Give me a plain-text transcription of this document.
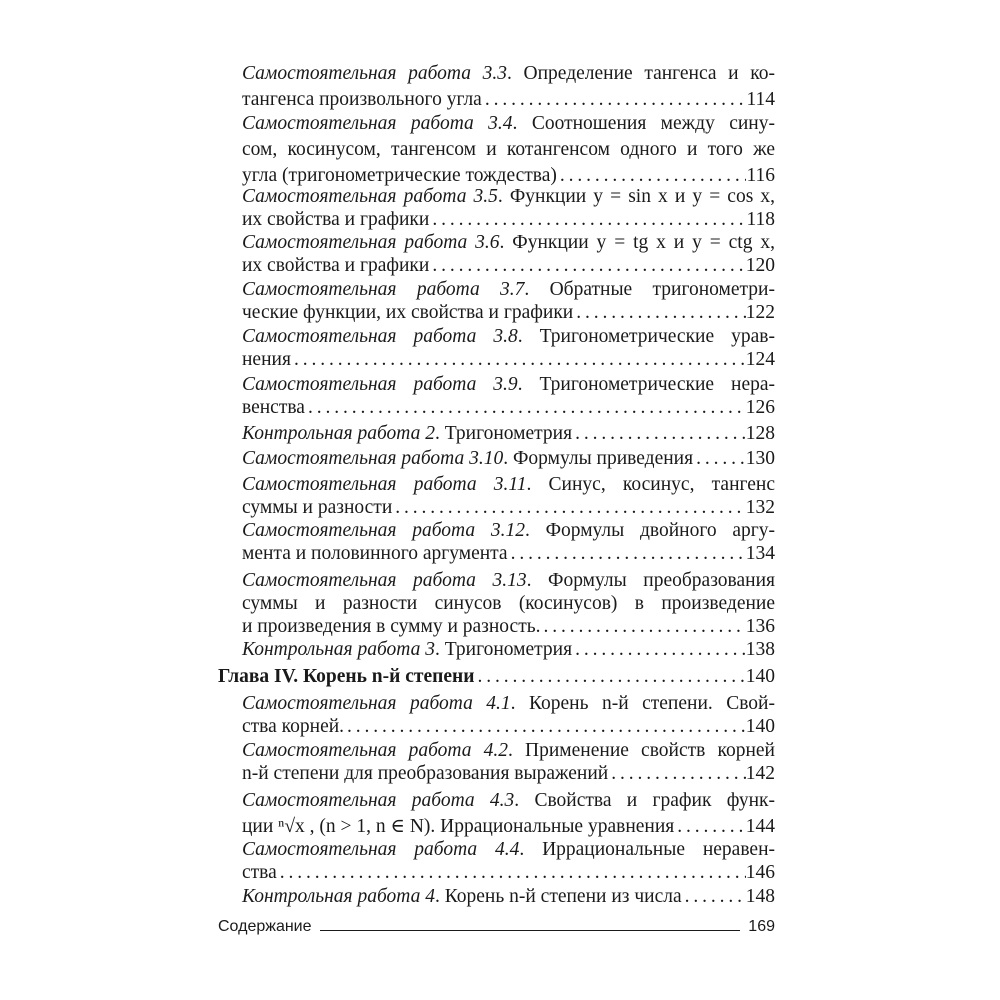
Самостоятельная работа 3.3. Определение тангенса и ко-
тангенса произвольного угла . . .	114
Самостоятельная работа 3.4. Соотношения между сину-
сом, косинусом, тангенсом и котангенсом одного и того же
угла (тригонометрические тождества) . . .	116
Самостоятельная работа 3.5. Функции y = sin x и y = cos x,
их свойства и графики . . .	118
Самостоятельная работа 3.6. Функции y = tg x и y = ctg x,
их свойства и графики . . .	120
Самостоятельная работа 3.7. Обратные тригонометри-
ческие функции, их свойства и графики . . .	122
Самостоятельная работа 3.8. Тригонометрические урав-
нения . . .	124
Самостоятельная работа 3.9. Тригонометрические нера-
венства . . .	126
Контрольная работа 2. Тригонометрия . . .	128
Самостоятельная работа 3.10. Формулы приведения . . .	130
Самостоятельная работа 3.11. Синус, косинус, тангенс
суммы и разности . . .	132
Самостоятельная работа 3.12. Формулы двойного аргу-
мента и половинного аргумента . . .	134
Самостоятельная работа 3.13. Формулы преобразования
суммы и разности синусов (косинусов) в произведение
и произведения в сумму и разность. . . .	136
Контрольная работа 3. Тригонометрия . . .	138
Глава IV. Корень n-й степени . . .	140
Самостоятельная работа 4.1. Корень n-й степени. Свой-
ства корней. . . .	140
Самостоятельная работа 4.2. Применение свойств корней
n-й степени для преобразования выражений . . .	142
Самостоятельная работа 4.3. Свойства и график функ-
ции ⁿ√x , (n > 1, n ∈ N). Иррациональные уравнения . . .	144
Самостоятельная работа 4.4. Иррациональные неравен-
ства . . .	146
Контрольная работа 4. Корень n-й степени из числа . . .	148
Содержание	169
